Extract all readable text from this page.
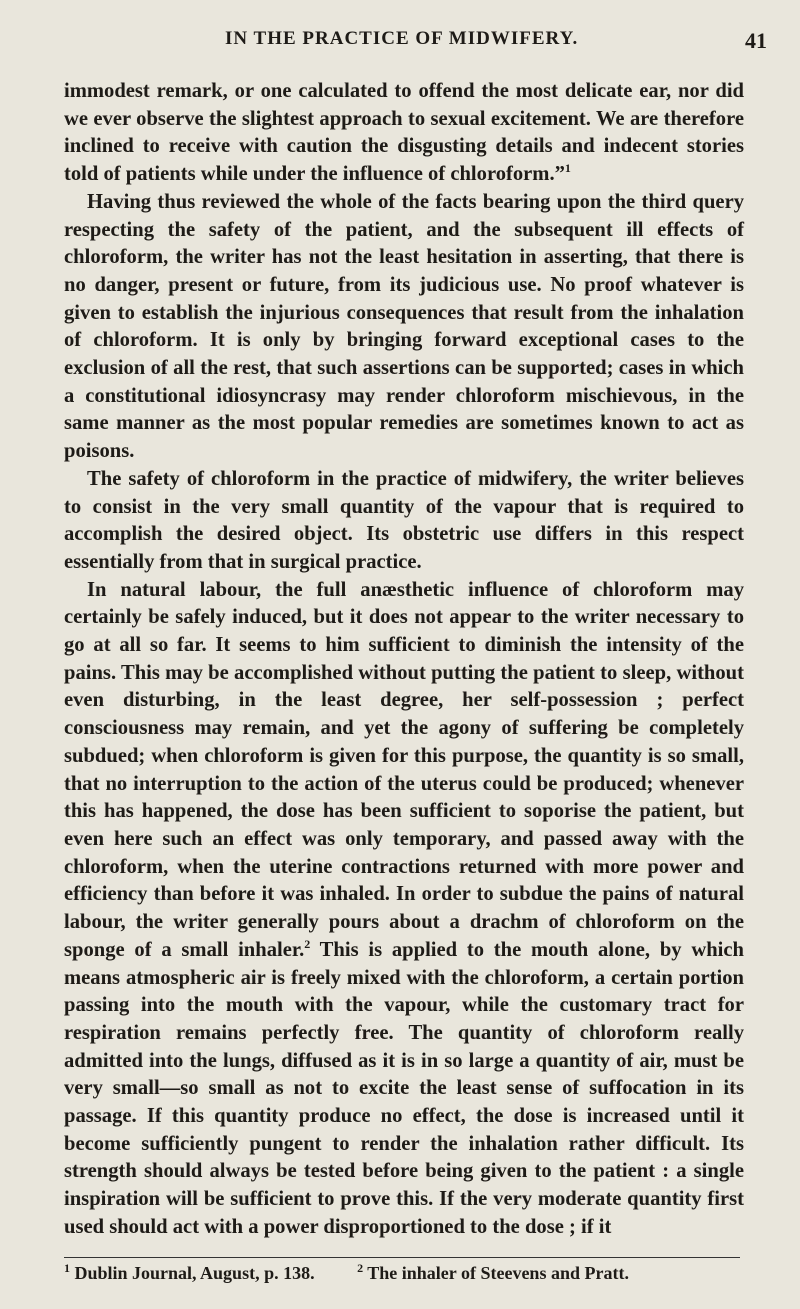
IN THE PRACTICE OF MIDWIFERY.	41

immodest remark, or one calculated to offend the most delicate ear, nor did we ever observe the slightest approach to sexual excitement. We are therefore inclined to receive with caution the disgusting details and indecent stories told of patients while under the influence of chloroform.”$^1$

Having thus reviewed the whole of the facts bearing upon the third query respecting the safety of the patient, and the subsequent ill effects of chloroform, the writer has not the least hesitation in asserting, that there is no danger, present or future, from its judicious use. No proof whatever is given to establish the injurious consequences that result from the inhalation of chloroform. It is only by bringing forward exceptional cases to the exclusion of all the rest, that such assertions can be supported; cases in which a constitutional idiosyncrasy may render chloroform mischievous, in the same manner as the most popular remedies are sometimes known to act as poisons.

The safety of chloroform in the practice of midwifery, the writer believes to consist in the very small quantity of the vapour that is required to accomplish the desired object. Its obstetric use differs in this respect essentially from that in surgical practice.

In natural labour, the full anæsthetic influence of chloroform may certainly be safely induced, but it does not appear to the writer necessary to go at all so far. It seems to him sufficient to diminish the intensity of the pains. This may be accomplished without putting the patient to sleep, without even disturbing, in the least degree, her self-possession ; perfect consciousness may remain, and yet the agony of suffering be completely subdued; when chloroform is given for this purpose, the quantity is so small, that no interruption to the action of the uterus could be produced; whenever this has happened, the dose has been sufficient to soporise the patient, but even here such an effect was only temporary, and passed away with the chloroform, when the uterine contractions returned with more power and efficiency than before it was inhaled. In order to subdue the pains of natural labour, the writer generally pours about a drachm of chloroform on the sponge of a small inhaler.$^2$ This is applied to the mouth alone, by which means atmospheric air is freely mixed with the chloroform, a certain portion passing into the mouth with the vapour, while the customary tract for respiration remains perfectly free. The quantity of chloroform really admitted into the lungs, diffused as it is in so large a quantity of air, must be very small—so small as not to excite the least sense of suffocation in its passage. If this quantity produce no effect, the dose is increased until it become sufficiently pungent to render the inhalation rather difficult. Its strength should always be tested before being given to the patient : a single inspiration will be sufficient to prove this. If the very moderate quantity first used should act with a power disproportioned to the dose ; if it

$^1$ Dublin Journal, August, p. 138.	$^2$ The inhaler of Steevens and Pratt.
